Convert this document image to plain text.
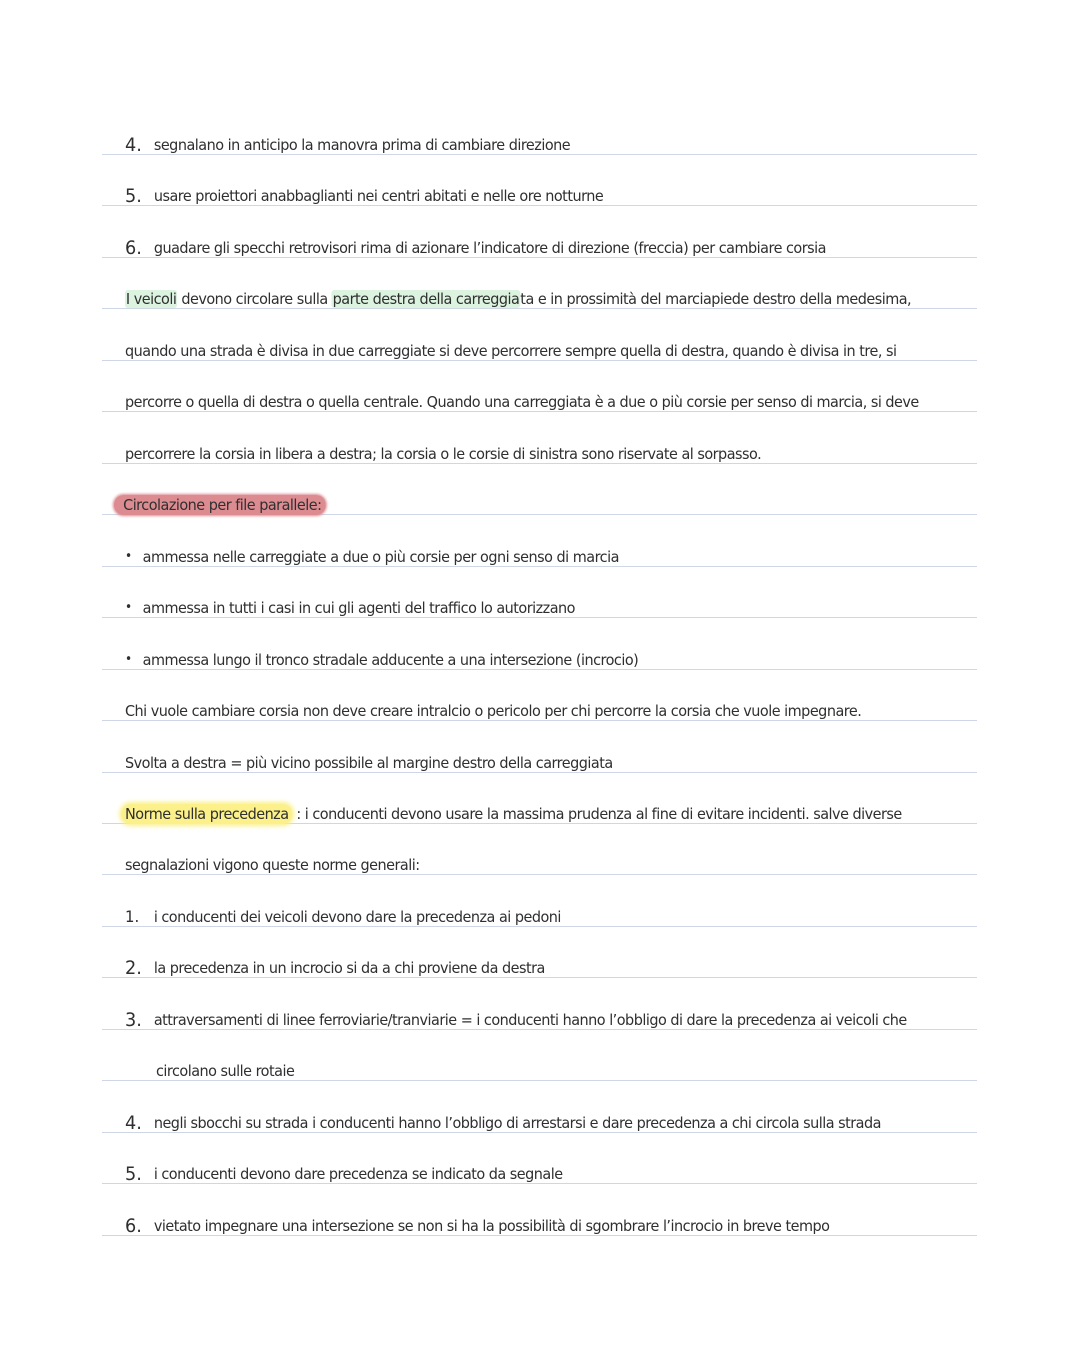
4. segnalano in anticipo la manovra prima di cambiare direzione
5. usare proiettori anabbaglianti nei centri abitati e nelle ore notturne
6. guadare gli specchi retrovisori rima di azionare l’indicatore di direzione (freccia) per cambiare corsia
I veicoli devono circolare sulla parte destra della carreggiata e in prossimità del marciapiede destro della medesima,
quando una strada è divisa in due carreggiate si deve percorrere sempre quella di destra, quando è divisa in tre, si
percorre o quella di destra o quella centrale. Quando una carreggiata è a due o più corsie per senso di marcia, si deve
percorrere la corsia in libera a destra; la corsia o le corsie di sinistra sono riservate al sorpasso.
Circolazione per file parallele:
• ammessa nelle carreggiate a due o più corsie per ogni senso di marcia
• ammessa in tutti i casi in cui gli agenti del traffico lo autorizzano
• ammessa lungo il tronco stradale adducente a una intersezione (incrocio)
Chi vuole cambiare corsia non deve creare intralcio o pericolo per chi percorre la corsia che vuole impegnare.
Svolta a destra = più vicino possibile al margine destro della carreggiata
Norme sulla precedenza : i conducenti devono usare la massima prudenza al fine di evitare incidenti. salve diverse
segnalazioni vigono queste norme generali:
1. i conducenti dei veicoli devono dare la precedenza ai pedoni
2. la precedenza in un incrocio si da a chi proviene da destra
3. attraversamenti di linee ferroviarie/tranviarie = i conducenti hanno l’obbligo di dare la precedenza ai veicoli che
circolano sulle rotaie
4. negli sbocchi su strada i conducenti hanno l’obbligo di arrestarsi e dare precedenza a chi circola sulla strada
5. i conducenti devono dare precedenza se indicato da segnale
6. vietato impegnare una intersezione se non si ha la possibilità di sgombrare l’incrocio in breve tempo
